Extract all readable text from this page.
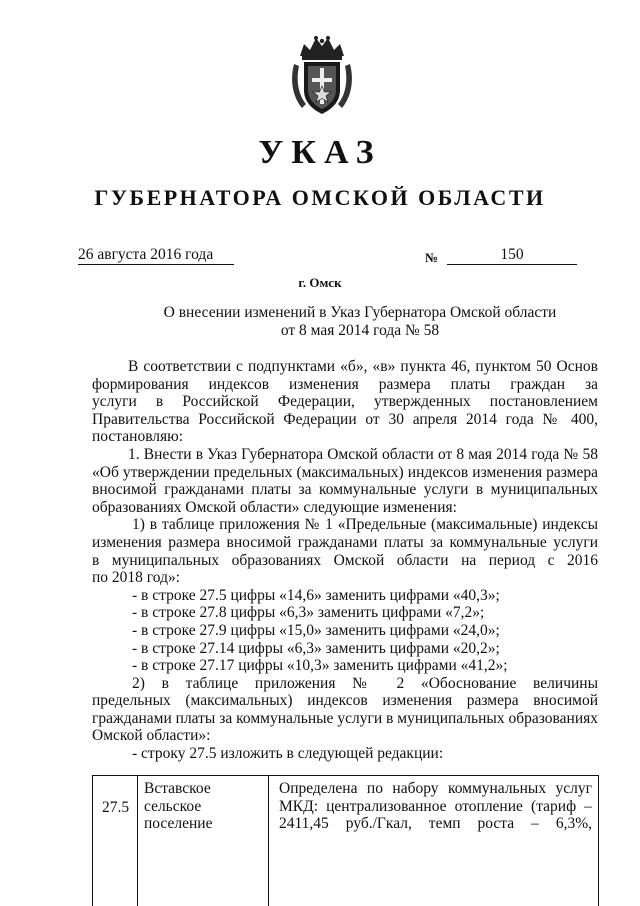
УКАЗ
ГУБЕРНАТОРА ОМСКОЙ ОБЛАСТИ
26 августа 2016 года	№	150
г. Омск
О внесении изменений в Указ Губернатора Омской области
от 8 мая 2014 года № 58
В соответствии с подпунктами «б», «в» пункта 46, пунктом 50 Основ
формирования индексов изменения размера платы граждан за
услуги в Российской Федерации, утвержденных постановлением
Правительства Российской Федерации от 30 апреля 2014 года № 400,
постановляю:
1. Внести в Указ Губернатора Омской области от 8 мая 2014 года № 58
«Об утверждении предельных (максимальных) индексов изменения размера
вносимой гражданами платы за коммунальные услуги в муниципальных
образованиях Омской области» следующие изменения:
1) в таблице приложения № 1 «Предельные (максимальные) индексы
изменения размера вносимой гражданами платы за коммунальные услуги
в муниципальных образованиях Омской области на период с 2016
по 2018 год»:
- в строке 27.5 цифры «14,6» заменить цифрами «40,3»;
- в строке 27.8 цифры «6,3» заменить цифрами «7,2»;
- в строке 27.9 цифры «15,0» заменить цифрами «24,0»;
- в строке 27.14 цифры «6,3» заменить цифрами «20,2»;
- в строке 27.17 цифры «10,3» заменить цифрами «41,2»;
2) в таблице приложения № 2 «Обоснование величины
предельных (максимальных) индексов изменения размера вносимой
гражданами платы за коммунальные услуги в муниципальных образованиях
Омской области»:
- строку 27.5 изложить в следующей редакции:
27.5
Вставское
сельское
поселение
Определена по набору коммунальных услуг
МКД: централизованное отопление (тариф –
2411,45 руб./Гкал, темп роста – 6,3%,
